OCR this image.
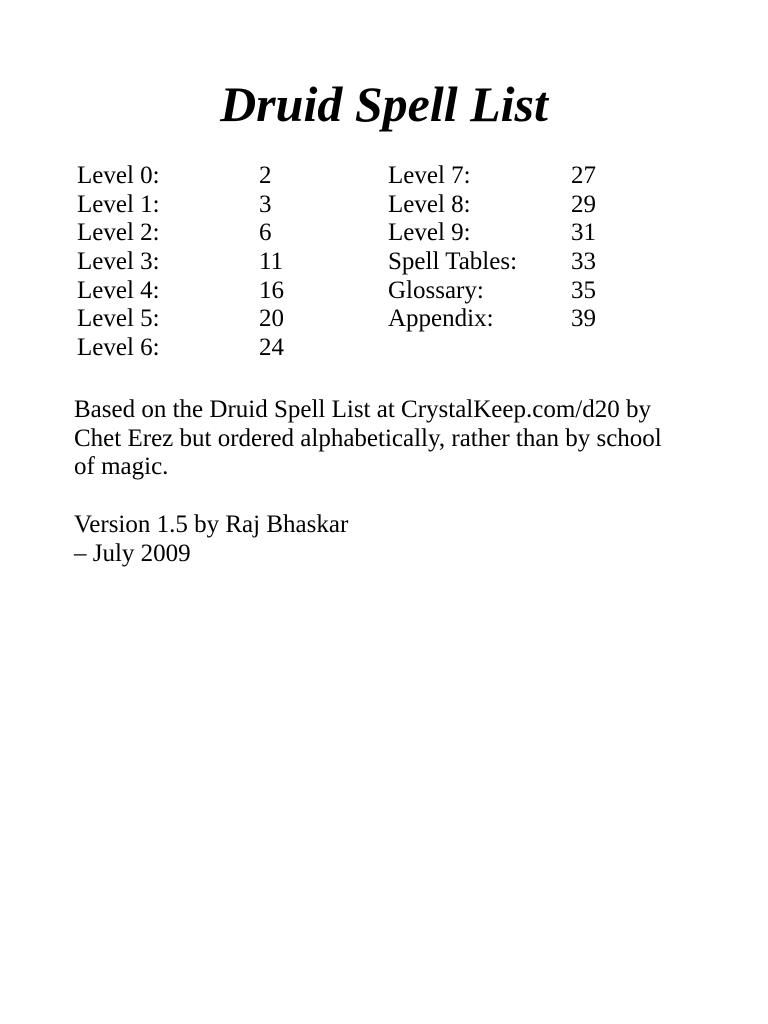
Druid Spell List
Level 0:	2
Level 1:	3
Level 2:	6
Level 3:	11
Level 4:	16
Level 5:	20
Level 6:	24
Level 7:	27
Level 8:	29
Level 9:	31
Spell Tables: 33
Glossary:	35
Appendix:	39

Based on the Druid Spell List at CrystalKeep.com/d20 by
Chet Erez but ordered alphabetically, rather than by school
of magic.

Version 1.5 by Raj Bhaskar
– July 2009
